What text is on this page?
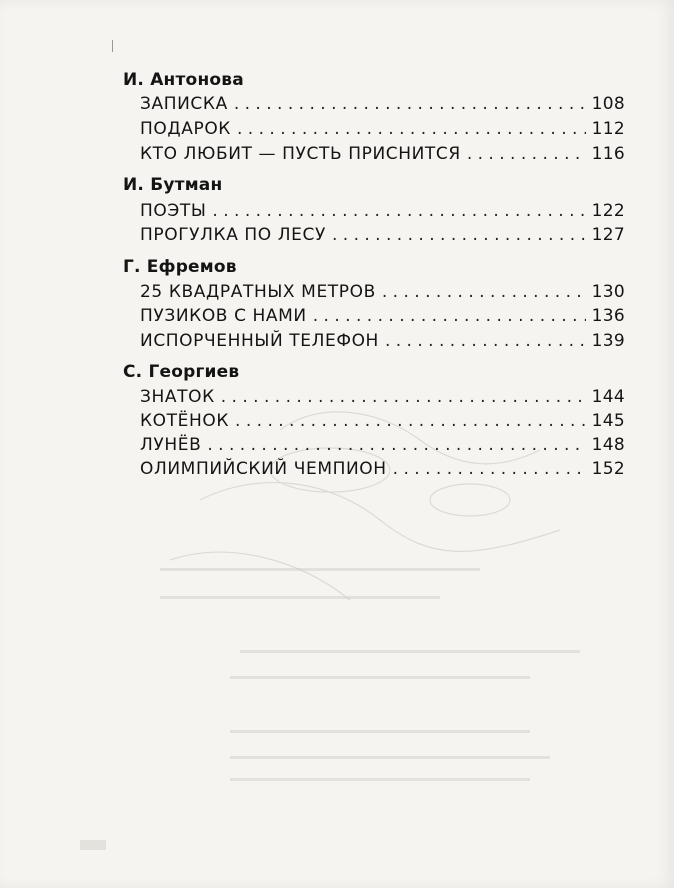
И. Антонова
ЗАПИСКА . . .	108
ПОДАРОК . . .	112
КТО ЛЮБИТ — ПУСТЬ ПРИСНИТСЯ . . .	116
И. Бутман
ПОЭТЫ . . .	122
ПРОГУЛКА ПО ЛЕСУ . . .	127
Г. Ефремов
25 КВАДРАТНЫХ МЕТРОВ . . .	130
ПУЗИКОВ С НАМИ . . .	136
ИСПОРЧЕННЫЙ ТЕЛЕФОН . . .	139
С. Георгиев
ЗНАТОК . . .	144
КОТЁНОК . . .	145
ЛУНЁВ . . .	148
ОЛИМПИЙСКИЙ ЧЕМПИОН . . .	152
